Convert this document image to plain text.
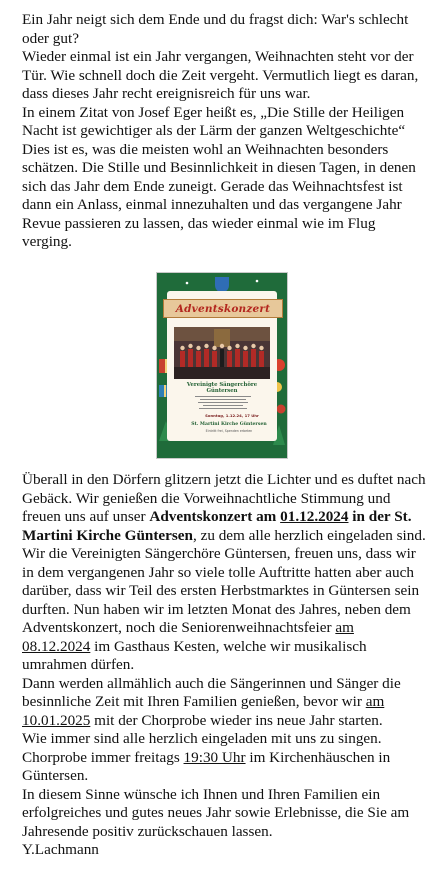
Ein Jahr neigt sich dem Ende und du fragst dich: War's schlecht oder gut?

Wieder einmal ist ein Jahr vergangen, Weihnachten steht vor der Tür. Wie schnell doch die Zeit vergeht. Vermutlich liegt es daran, dass dieses Jahr recht ereignisreich für uns war.

In einem Zitat von Josef Eger heißt es, „Die Stille der Heiligen Nacht ist gewichtiger als der Lärm der ganzen Weltgeschichte“

Dies ist es, was die meisten wohl an Weihnachten besonders schätzen. Die Stille und Besinnlichkeit in diesen Tagen, in denen sich das Jahr dem Ende zuneigt. Gerade das Weihnachtsfest ist dann ein Anlass, einmal innezuhalten und das vergangene Jahr Revue passieren zu lassen, das wieder einmal wie im Flug verging.

Adventskonzert
Vereinigte Sängerchöre
Güntersen
Sonntag, 1.12.24, 17 Uhr
St. Martini Kirche Güntersen
Eintritt frei, Spenden erbeten

Überall in den Dörfern glitzern jetzt die Lichter und es duftet nach Gebäck. Wir genießen die Vorweihnachtliche Stimmung und freuen uns auf unser Adventskonzert am 01.12.2024 in der St. Martini Kirche Güntersen, zu dem alle herzlich eingeladen sind.

Wir die Vereinigten Sängerchöre Güntersen, freuen uns, dass wir in dem vergangenen Jahr so viele tolle Auftritte hatten aber auch darüber, dass wir Teil des ersten Herbstmarktes in Güntersen sein durften. Nun haben wir im letzten Monat des Jahres, neben dem Adventskonzert, noch die Seniorenweihnachtsfeier am 08.12.2024 im Gasthaus Kesten, welche wir musikalisch umrahmen dürfen.

Dann werden allmählich auch die Sängerinnen und Sänger die besinnliche Zeit mit Ihren Familien genießen, bevor wir am 10.01.2025 mit der Chorprobe wieder ins neue Jahr starten.

Wie immer sind alle herzlich eingeladen mit uns zu singen.

Chorprobe immer freitags 19:30 Uhr im Kirchenhäuschen in Güntersen.

In diesem Sinne wünsche ich Ihnen und Ihren Familien ein erfolgreiches und gutes neues Jahr sowie Erlebnisse, die Sie am Jahresende positiv zurückschauen lassen.

Y.Lachmann
